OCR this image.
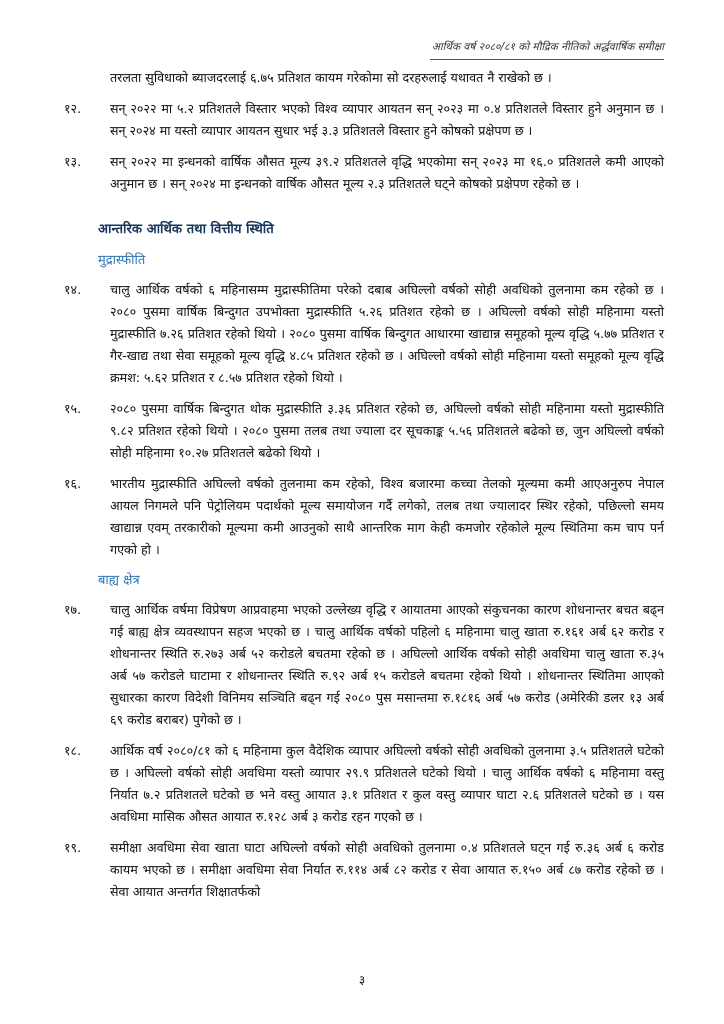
आर्थिक वर्ष २०८०/८१ को मौद्रिक नीतिको अर्द्धवार्षिक समीक्षा
तरलता सुविधाको ब्याजदरलाई ६.७५ प्रतिशत कायम गरेकोमा सो दरहरुलाई यथावत नै राखेको छ ।
१२.	सन् २०२२ मा ५.२ प्रतिशतले विस्तार भएको विश्व व्यापार आयतन सन् २०२३ मा ०.४ प्रतिशतले विस्तार हुने अनुमान छ । सन् २०२४ मा यस्तो व्यापार आयतन सुधार भई ३.३ प्रतिशतले विस्तार हुने कोषको प्रक्षेपण छ ।
१३.	सन् २०२२ मा इन्धनको वार्षिक औसत मूल्य ३९.२ प्रतिशतले वृद्धि भएकोमा सन् २०२३ मा १६.० प्रतिशतले कमी आएको अनुमान छ । सन् २०२४ मा इन्धनको वार्षिक औसत मूल्य २.३ प्रतिशतले घट्ने कोषको प्रक्षेपण रहेको छ ।
आन्तरिक आर्थिक तथा वित्तीय स्थिति
मुद्रास्फीति
१४.	चालु आर्थिक वर्षको ६ महिनासम्म मुद्रास्फीतिमा परेको दबाब अघिल्लो वर्षको सोही अवधिको तुलनामा कम रहेको छ । २०८० पुसमा वार्षिक बिन्दुगत उपभोक्ता मुद्रास्फीति ५.२६ प्रतिशत रहेको छ । अघिल्लो वर्षको सोही महिनामा यस्तो मुद्रास्फीति ७.२६ प्रतिशत रहेको थियो । २०८० पुसमा वार्षिक बिन्दुगत आधारमा खाद्यान्न समूहको मूल्य वृद्धि ५.७७ प्रतिशत र गैर-खाद्य तथा सेवा समूहको मूल्य वृद्धि ४.८५ प्रतिशत रहेको छ । अघिल्लो वर्षको सोही महिनामा यस्तो समूहको मूल्य वृद्धि क्रमश: ५.६२ प्रतिशत र ८.५७ प्रतिशत रहेको थियो ।
१५.	२०८० पुसमा वार्षिक बिन्दुगत थोक मुद्रास्फीति ३.३६ प्रतिशत रहेको छ, अघिल्लो वर्षको सोही महिनामा यस्तो मुद्रास्फीति ९.८२ प्रतिशत रहेको थियो । २०८० पुसमा तलब तथा ज्याला दर सूचकाङ्क ५.५६ प्रतिशतले बढेको छ, जुन अघिल्लो वर्षको सोही महिनामा १०.२७ प्रतिशतले बढेको थियो ।
१६.	भारतीय मुद्रास्फीति अघिल्लो वर्षको तुलनामा कम रहेको, विश्व बजारमा कच्चा तेलको मूल्यमा कमी आएअनुरुप नेपाल आयल निगमले पनि पेट्रोलियम पदार्थको मूल्य समायोजन गर्दै लगेको, तलब तथा ज्यालादर स्थिर रहेको, पछिल्लो समय खाद्यान्न एवम् तरकारीको मूल्यमा कमी आउनुको साथै आन्तरिक माग केही कमजोर रहेकोले मूल्य स्थितिमा कम चाप पर्न गएको हो ।
बाह्य क्षेत्र
१७.	चालु आर्थिक वर्षमा विप्रेषण आप्रवाहमा भएको उल्लेख्य वृद्धि र आयातमा आएको संकुचनका कारण शोधनान्तर बचत बढ्न गई बाह्य क्षेत्र व्यवस्थापन सहज भएको छ । चालु आर्थिक वर्षको पहिलो ६ महिनामा चालु खाता रु.१६१ अर्ब ६२ करोड र शोधनान्तर स्थिति रु.२७३ अर्ब ५२ करोडले बचतमा रहेको छ । अघिल्लो आर्थिक वर्षको सोही अवधिमा चालु खाता रु.३५ अर्ब ५७ करोडले घाटामा र शोधनान्तर स्थिति रु.९२ अर्ब १५ करोडले बचतमा रहेको थियो । शोधनान्तर स्थितिमा आएको सुधारका कारण विदेशी विनिमय सञ्चिति बढ्न गई २०८० पुस मसान्तमा रु.१८१६ अर्ब ५७ करोड (अमेरिकी डलर १३ अर्ब ६९ करोड बराबर) पुगेको छ ।
१८.	आर्थिक वर्ष २०८०/८१ को ६ महिनामा कुल वैदेशिक व्यापार अघिल्लो वर्षको सोही अवधिको तुलनामा ३.५ प्रतिशतले घटेको छ । अघिल्लो वर्षको सोही अवधिमा यस्तो व्यापार २९.९ प्रतिशतले घटेको थियो । चालु आर्थिक वर्षको ६ महिनामा वस्तु निर्यात ७.२ प्रतिशतले घटेको छ भने वस्तु आयात ३.१ प्रतिशत र कुल वस्तु व्यापार घाटा २.६ प्रतिशतले घटेको छ । यस अवधिमा मासिक औसत आयात रु.१२८ अर्ब ३ करोड रहन गएको छ ।
१९.	समीक्षा अवधिमा सेवा खाता घाटा अघिल्लो वर्षको सोही अवधिको तुलनामा ०.४ प्रतिशतले घट्न गई रु.३६ अर्ब ६ करोड कायम भएको छ । समीक्षा अवधिमा सेवा निर्यात रु.११४ अर्ब ८२ करोड र सेवा आयात रु.१५० अर्ब ८७ करोड रहेको छ । सेवा आयात अन्तर्गत शिक्षातर्फको
३
